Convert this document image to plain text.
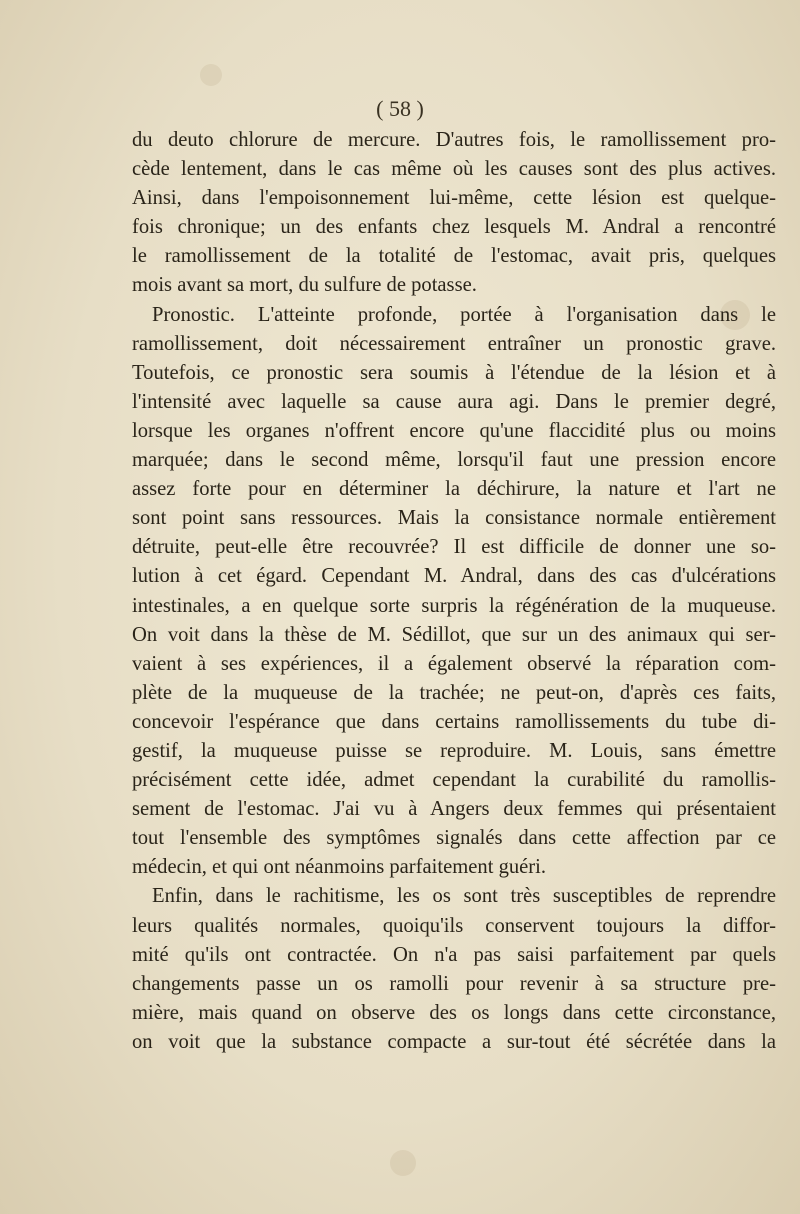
( 58 )
du deuto chlorure de mercure. D'autres fois, le ramollissement pro-
cède lentement, dans le cas même où les causes sont des plus actives.
Ainsi, dans l'empoisonnement lui-même, cette lésion est quelque-
fois chronique; un des enfants chez lesquels M. Andral a rencontré
le ramollissement de la totalité de l'estomac, avait pris, quelques
mois avant sa mort, du sulfure de potasse.
Pronostic. L'atteinte profonde, portée à l'organisation dans le
ramollissement, doit nécessairement entraîner un pronostic grave.
Toutefois, ce pronostic sera soumis à l'étendue de la lésion et à
l'intensité avec laquelle sa cause aura agi. Dans le premier degré,
lorsque les organes n'offrent encore qu'une flaccidité plus ou moins
marquée; dans le second même, lorsqu'il faut une pression encore
assez forte pour en déterminer la déchirure, la nature et l'art ne
sont point sans ressources. Mais la consistance normale entièrement
détruite, peut-elle être recouvrée? Il est difficile de donner une so-
lution à cet égard. Cependant M. Andral, dans des cas d'ulcérations
intestinales, a en quelque sorte surpris la régénération de la muqueuse.
On voit dans la thèse de M. Sédillot, que sur un des animaux qui ser-
vaient à ses expériences, il a également observé la réparation com-
plète de la muqueuse de la trachée; ne peut-on, d'après ces faits,
concevoir l'espérance que dans certains ramollissements du tube di-
gestif, la muqueuse puisse se reproduire. M. Louis, sans émettre
précisément cette idée, admet cependant la curabilité du ramollis-
sement de l'estomac. J'ai vu à Angers deux femmes qui présentaient
tout l'ensemble des symptômes signalés dans cette affection par ce
médecin, et qui ont néanmoins parfaitement guéri.
Enfin, dans le rachitisme, les os sont très susceptibles de reprendre
leurs qualités normales, quoiqu'ils conservent toujours la diffor-
mité qu'ils ont contractée. On n'a pas saisi parfaitement par quels
changements passe un os ramolli pour revenir à sa structure pre-
mière, mais quand on observe des os longs dans cette circonstance,
on voit que la substance compacte a sur-tout été sécrétée dans la
